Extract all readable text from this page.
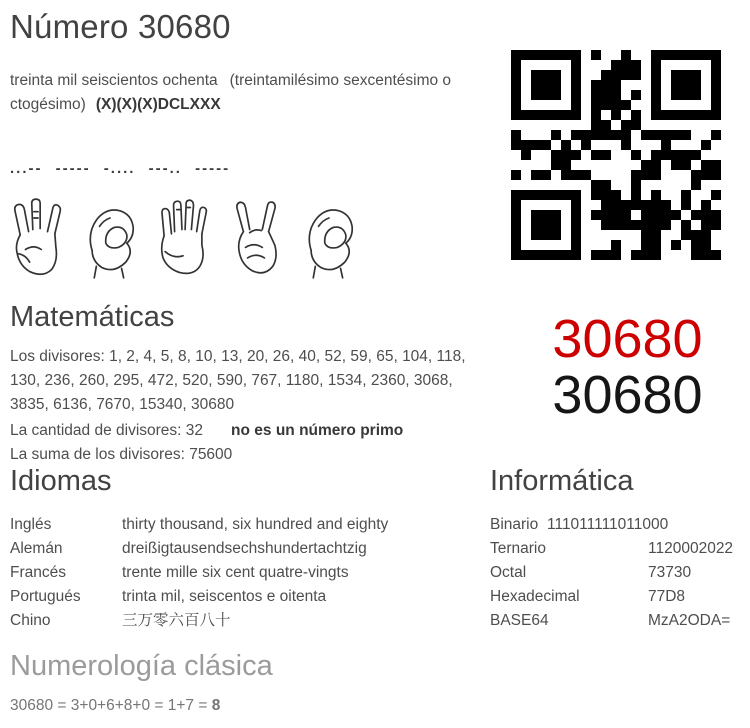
Número 30680
treinta mil seiscientos ochenta (treintamilésimo sexcentésimo o ctogésimo) (X)(X)(X)DCLXXX
...-- ----- -.... ---.. -----
30680
30680
Matemáticas
Los divisores: 1, 2, 4, 5, 8, 10, 13, 20, 26, 40, 52, 59, 65, 104, 118, 130, 236, 260, 295, 472, 520, 590, 767, 1180, 1534, 2360, 3068, 3835, 6136, 7670, 15340, 30680
La cantidad de divisores: 32 no es un número primo
La suma de los divisores: 75600
Idiomas
Inglés	thirty thousand, six hundred and eighty
Alemán	dreißigtausendsechshundertachtzig
Francés	trente mille six cent quatre-vingts
Portugués	trinta mil, seiscentos e oitenta
Chino	三万零六百八十
Informática
Binario 111011111011000
Ternario	1120002022
Octal	73730
Hexadecimal	77D8
BASE64	MzA2ODA=
Numerología clásica
30680 = 3+0+6+8+0 = 1+7 = 8
